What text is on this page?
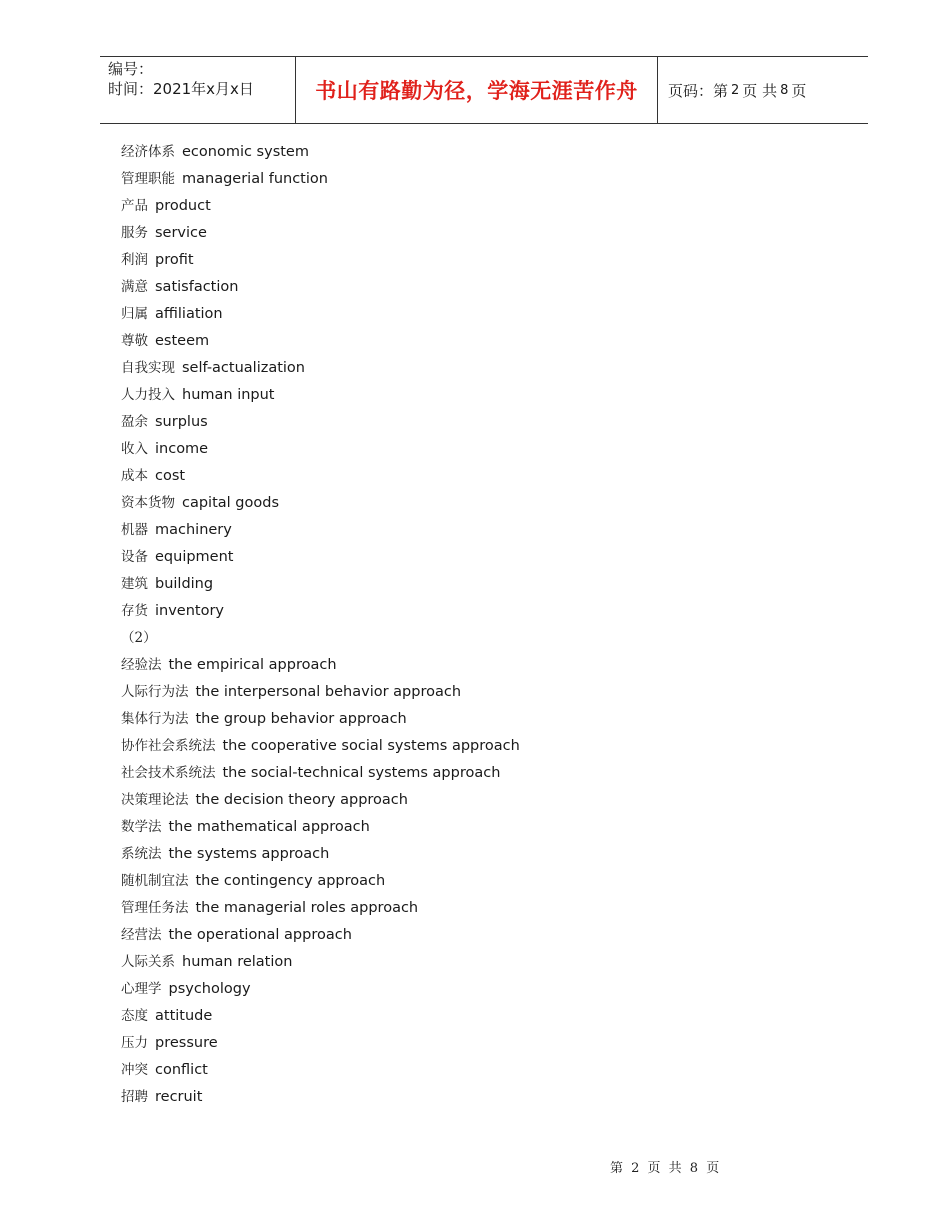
编号：
时间：2021年x月x日	书山有路勤为径，学海无涯苦作舟	页码：第 2 页 共 8 页
经济体系 economic system
管理职能 managerial function
产品 product
服务 service
利润 profit
满意 satisfaction
归属 affiliation
尊敬 esteem
自我实现 self-actualization
人力投入 human input
盈余 surplus
收入 income
成本 cost
资本货物 capital goods
机器 machinery
设备 equipment
建筑 building
存货 inventory
（2）
经验法 the empirical approach
人际行为法 the interpersonal behavior approach
集体行为法 the group behavior approach
协作社会系统法 the cooperative social systems approach
社会技术系统法 the social-technical systems approach
决策理论法 the decision theory approach
数学法 the mathematical approach
系统法 the systems approach
随机制宜法 the contingency approach
管理任务法 the managerial roles approach
经营法 the operational approach
人际关系 human relation
心理学 psychology
态度 attitude
压力 pressure
冲突 conflict
招聘 recruit
第 2 页 共 8 页
